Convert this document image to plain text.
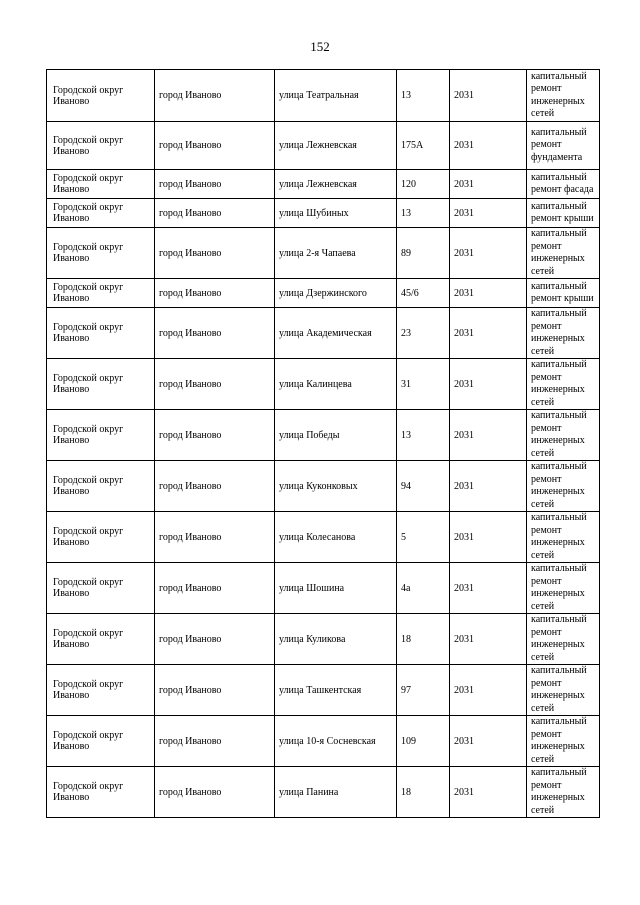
152
Городской округ Иваново	город Иваново	улица Театральная	13	2031	капитальный ремонт инженерных сетей
Городской округ Иваново	город Иваново	улица Лежневская	175А	2031	капитальный ремонт фундамента
Городской округ Иваново	город Иваново	улица Лежневская	120	2031	капитальный ремонт фасада
Городской округ Иваново	город Иваново	улица Шубиных	13	2031	капитальный ремонт крыши
Городской округ Иваново	город Иваново	улица 2-я Чапаева	89	2031	капитальный ремонт инженерных сетей
Городской округ Иваново	город Иваново	улица Дзержинского	45/6	2031	капитальный ремонт крыши
Городской округ Иваново	город Иваново	улица Академическая	23	2031	капитальный ремонт инженерных сетей
Городской округ Иваново	город Иваново	улица Калинцева	31	2031	капитальный ремонт инженерных сетей
Городской округ Иваново	город Иваново	улица Победы	13	2031	капитальный ремонт инженерных сетей
Городской округ Иваново	город Иваново	улица Куконковых	94	2031	капитальный ремонт инженерных сетей
Городской округ Иваново	город Иваново	улица Колесанова	5	2031	капитальный ремонт инженерных сетей
Городской округ Иваново	город Иваново	улица Шошина	4а	2031	капитальный ремонт инженерных сетей
Городской округ Иваново	город Иваново	улица Куликова	18	2031	капитальный ремонт инженерных сетей
Городской округ Иваново	город Иваново	улица Ташкентская	97	2031	капитальный ремонт инженерных сетей
Городской округ Иваново	город Иваново	улица 10-я Сосневская	109	2031	капитальный ремонт инженерных сетей
Городской округ Иваново	город Иваново	улица Панина	18	2031	капитальный ремонт инженерных сетей
